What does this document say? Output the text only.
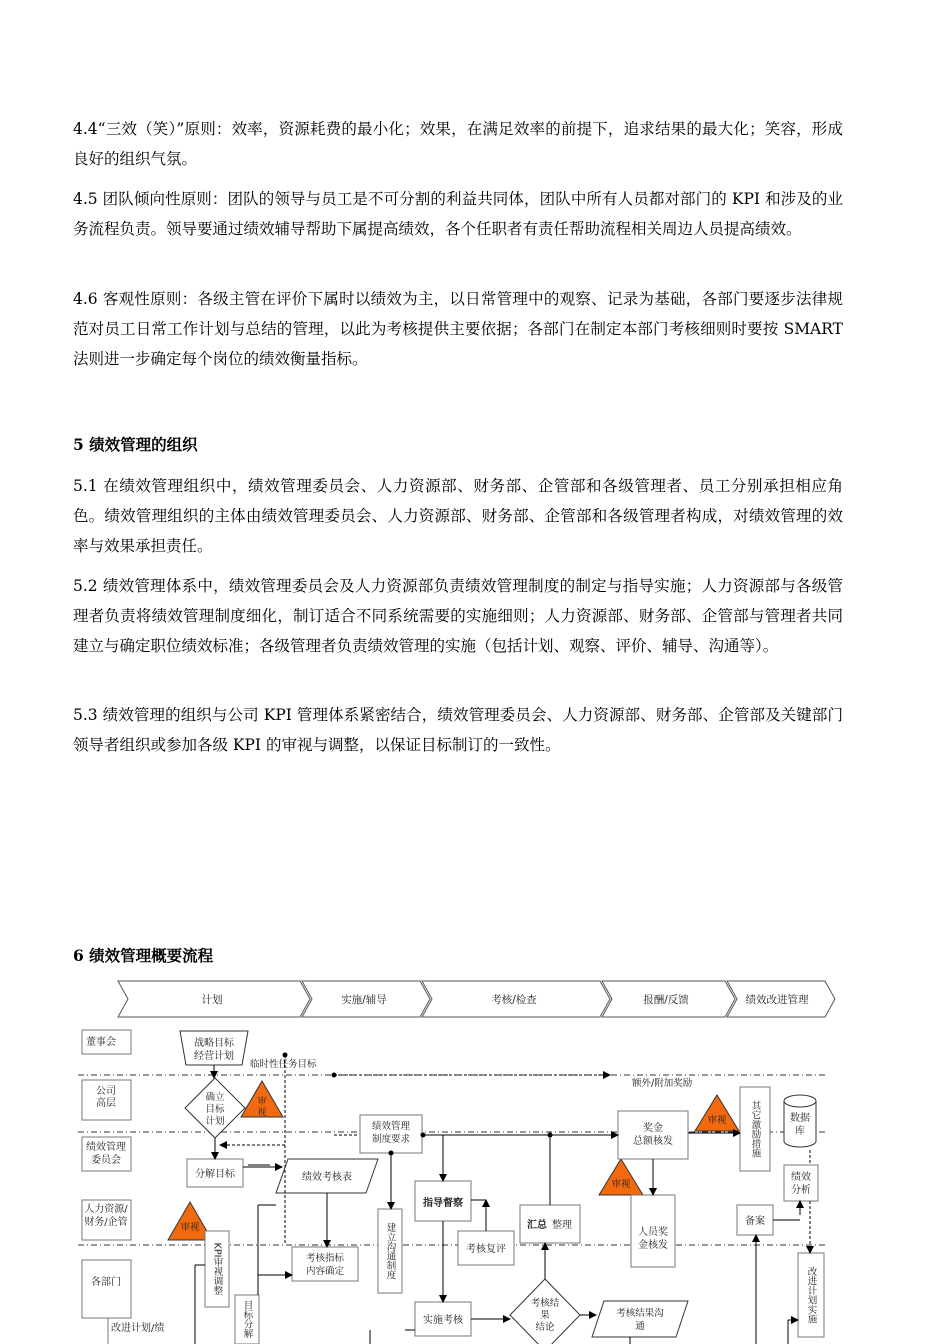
4.4“三效（笑）”原则：效率，资源耗费的最小化；效果，在满足效率的前提下，追求结果的最大化；笑容，形成良好的组织气氛。

4.5 团队倾向性原则：团队的领导与员工是不可分割的利益共同体，团队中所有人员都对部门的 KPI 和涉及的业务流程负责。领导要通过绩效辅导帮助下属提高绩效，各个任职者有责任帮助流程相关周边人员提高绩效。

4.6 客观性原则：各级主管在评价下属时以绩效为主，以日常管理中的观察、记录为基础，各部门要逐步法律规范对员工日常工作计划与总结的管理，以此为考核提供主要依据；各部门在制定本部门考核细则时要按 SMART 法则进一步确定每个岗位的绩效衡量指标。

5 绩效管理的组织

5.1 在绩效管理组织中，绩效管理委员会、人力资源部、财务部、企管部和各级管理者、员工分别承担相应角色。绩效管理组织的主体由绩效管理委员会、人力资源部、财务部、企管部和各级管理者构成，对绩效管理的效率与效果承担责任。

5.2 绩效管理体系中，绩效管理委员会及人力资源部负责绩效管理制度的制定与指导实施；人力资源部与各级管理者负责将绩效管理制度细化，制订适合不同系统需要的实施细则；人力资源部、财务部、企管部与管理者共同建立与确定职位绩效标准；各级管理者负责绩效管理的实施（包括计划、观察、评价、辅导、沟通等）。

5.3 绩效管理的组织与公司 KPI 管理体系紧密结合，绩效管理委员会、人力资源部、财务部、企管部及关键部门领导者组织或参加各级 KPI 的审视与调整，以保证目标制订的一致性。

6 绩效管理概要流程
计划	实施/辅导	考核/检查	报酬/反馈	绩效改进管理
董事会
公司
高层
绩效管理
委员会
人力资源/
财务/企管
各部门
改进计划/绩
战略目标
经营计划
临时性任务目标
额外/附加奖励
确立
目标
计划
审
视
审视
审视
审视
分解目标	绩效考核表
绩效管理
制度要求
建立沟通制度
KPI审视调整
目标分解
考核指标
内容确定
指导督察
考核复评
汇总 整理
实施考核
考核结
果
结论
考核结果沟
通
奖金
总额核发
人员奖
金核发
其它激励措施	数据
库
绩效
分析
备案
改进计划实施
